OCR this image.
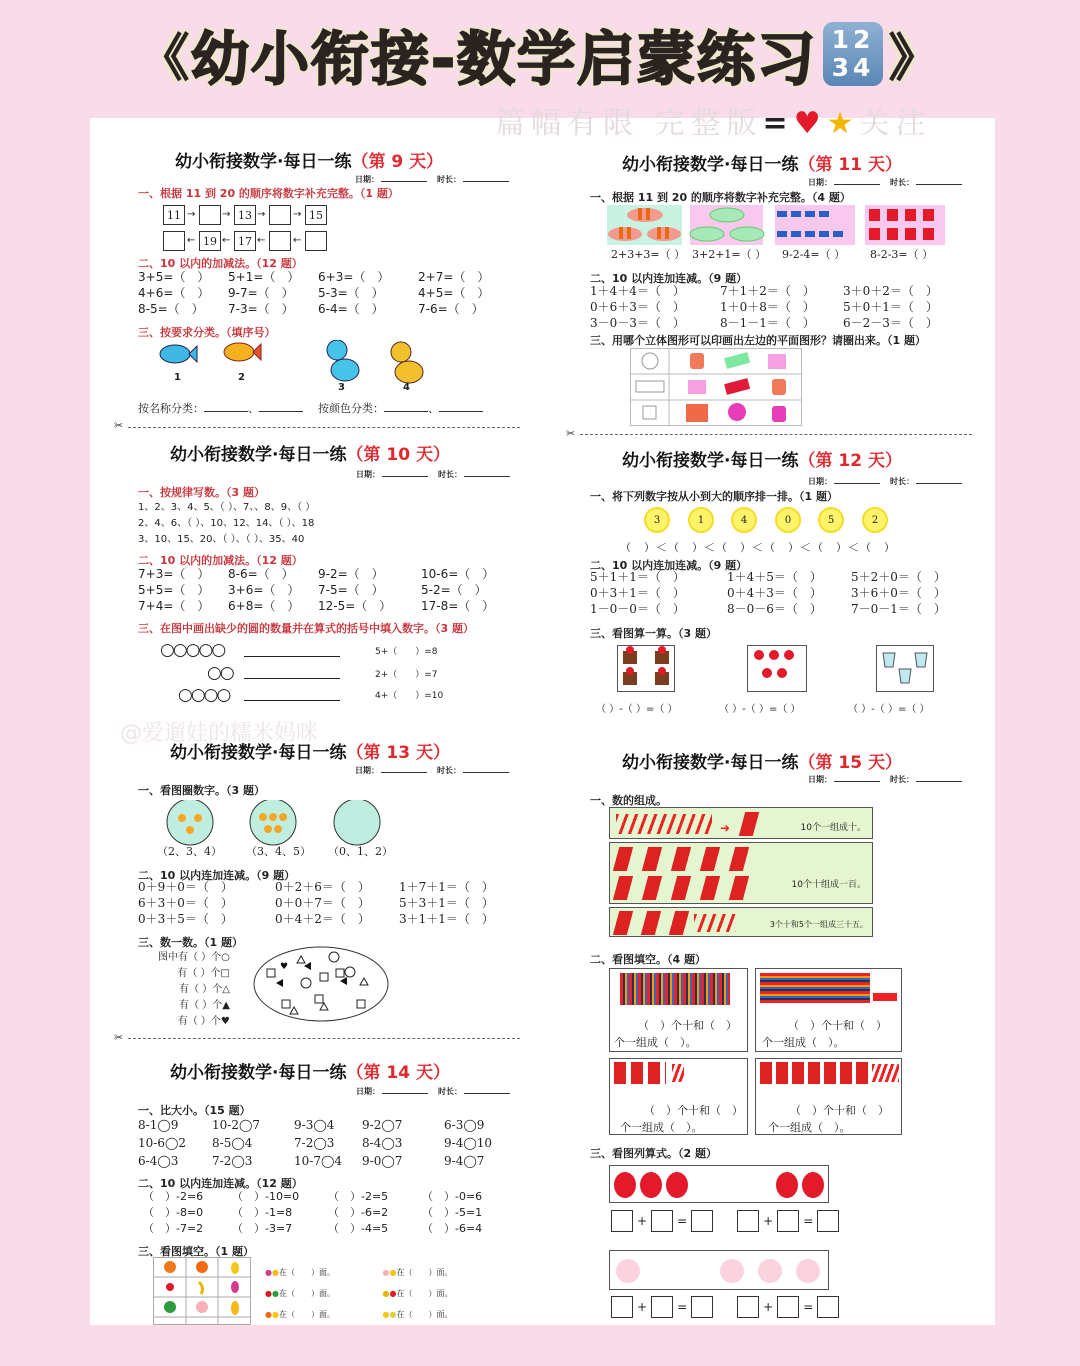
《 幼小衔接-数学启蒙练习 12
34 》
篇幅有限 完整版=♥★关注
幼小衔接数学·每日一练（第 9 天）
日期：	时长：
一、根据 11 到 20 的顺序将数字补充完整。（1 题）
11	13	15
19	17
→	→	→	→
←	←	←	←
二、10 以内的加减法。（12 题）
3+5=（　）	5+1=（　）	6+3=（　）	2+7=（　）
4+6=（　）	9-7=（　）	5-3=（　）	4+5=（　）
8-5=（　）	7-3=（　）	6-4=（　）	7-6=（　）
三、按要求分类。（填序号）
1	2
3	4
按名称分类：	、	按颜色分类：	、
✂
幼小衔接数学·每日一练（第 10 天）
日期：	时长：
一、按规律写数。（3 题）
1、2、3、4、5、（ ）、7、、8、9、（ ）
2、4、6、（ ）、10、12、14、（ ）、18
3、10、15、20、（ ）、（ ）、35、40
二、10 以内的加减法。（12 题）
7+3=（　）	8-6=（　）	9-2=（　）	10-6=（　）
5+5=（　）	3+6=（　）	7-5=（　）	5-2=（　）
7+4=（　）	6+8=（　）	12-5=（　）	17-8=（　）
三、在图中画出缺少的圆的数量并在算式的括号中填入数字。（3 题）
○○○○○
○○
○○○○
5+（　　）=8
2+（　　）=7
4+（　　）=10
@爱遛娃的糯米妈咪
幼小衔接数学·每日一练（第 13 天）
日期：	时长：
一、看图圈数字。（3 题）
（2、3、4） （3、4、5） （0、1、2）
二、10 以内连加连减。（9 题）
0＋9＋0＝（　）	0＋2＋6＝（　）	1＋7＋1＝（　）
6＋3＋0＝（　）	0＋0＋7＝（　）	5＋3＋1＝（　）
0＋3＋5＝（　）	0＋4＋2＝（　）	3＋1＋1＝（　）
三、数一数。（1 题）
图中有（ ）个○
有（ ）个□
有（ ）个△
有（ ）个▲
有（ ）个♥
♥
✂
幼小衔接数学·每日一练（第 14 天）
日期：	时长：
一、比大小。（15 题）
8-1◯9	10-2◯7	9-3◯4	9-2◯7	6-3◯9
10-6◯2	8-5◯4	7-2◯3	8-4◯3	9-4◯10
6-4◯3	7-2◯3	10-7◯4	9-0◯7	9-4◯7
二、10 以内连加连减。（12 题）
（　）-2=6	（　）-10=0	（　）-2=5	（　）-0=6
（　）-8=0	（　）-1=8	（　）-6=2	（　）-5=1
（　）-7=2	（　）-3=7	（　）-4=5	（　）-6=4
三、看图填空。（1 题）
●●在（　　）面。	●●在（　　）面。
●●在（　　）面。	●●在（　　）面。
●●在（　　）面。	●●在（　　）面。
幼小衔接数学·每日一练（第 11 天）
日期：	时长：
一、根据 11 到 20 的顺序将数字补充完整。（4 题）
2+3+3=（ ） 3+2+1=（ ） 9-2-4=（ ） 8-2-3=（ ）
二、10 以内连加连减。（9 题）
1＋4＋4＝（　）	7＋1＋2＝（　）	3＋0＋2＝（　）
0＋6＋3＝（　）	1＋0＋8＝（　）	5＋0＋1＝（　）
3－0－3＝（　）	8－1－1＝（　）	6－2－3＝（　）
三、用哪个立体图形可以印画出左边的平面图形？请圈出来。（1 题）
✂
幼小衔接数学·每日一练（第 12 天）
日期：	时长：
一、将下列数字按从小到大的顺序排一排。（1 题）
3	1	4	0	5	2
（　）＜（　）＜（　）＜（　）＜（　）＜（　）
二、10 以内连加连减。（9 题）
5＋1＋1＝（　）	1＋4＋5＝（　）	5＋2＋0＝（　）
0＋3＋1＝（　）	0＋4＋3＝（　）	3＋6＋0＝（　）
1－0－0＝（　）	8－0－6＝（　）	7－0－1＝（　）
三、看图算一算。（3 题）
（ ）-（ ）=（ ）	（ ）-（ ）=（ ）	（ ）-（ ）=（ ）
幼小衔接数学·每日一练（第 15 天）
日期：	时长：
一、数的组成。
10个一组成十。
➜
10个十组成一百。
3个十和5个一组成三十五。
二、看图填空。（4 题）
（　）个十和（　）
个一组成（　）。
（　）个十和（　）
个一组成（　）。
（　）个十和（　）
个一组成（　）。
（　）个十和（　）
个一组成（　）。
三、看图列算式。（2 题）
+	=	+	=
+	=	+	=
